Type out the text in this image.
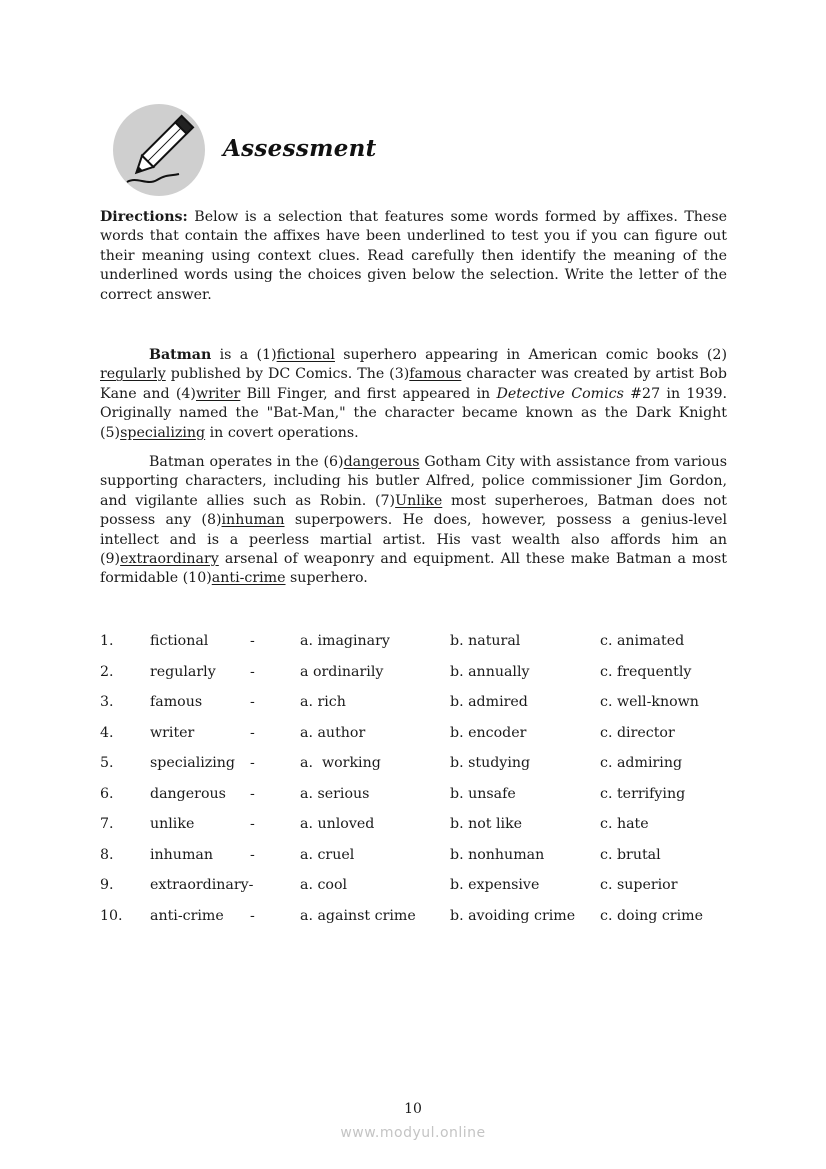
Assessment
Directions: Below is a selection that features some words formed by affixes. These words that contain the affixes have been underlined to test you if you can figure out their meaning using context clues. Read carefully then identify the meaning of the underlined words using the choices given below the selection. Write the letter of the correct answer.

Batman is a (1)fictional superhero appearing in American comic books (2) regularly published by DC Comics. The (3)famous character was created by artist Bob Kane and (4)writer Bill Finger, and first appeared in Detective Comics #27 in 1939. Originally named the "Bat-Man," the character became known as the Dark Knight (5)specializing in covert operations.

Batman operates in the (6)dangerous Gotham City with assistance from various supporting characters, including his butler Alfred, police commissioner Jim Gordon, and vigilante allies such as Robin. (7)Unlike most superheroes, Batman does not possess any (8)inhuman superpowers. He does, however, possess a genius-level intellect and is a peerless martial artist. His vast wealth also affords him an (9)extraordinary arsenal of weaponry and equipment. All these make Batman a most formidable (10)anti-crime superhero.

1.	fictional	-	a. imaginary	b. natural	c. animated
2.	regularly -	a ordinarily	b. annually	c. frequently
3.	famous	-	a. rich	b. admired	c. well-known
4.	writer	-	a. author	b. encoder	c. director
5.	specializing -	a.  working	b. studying	c. admiring
6.	dangerous -	a. serious	b. unsafe	c. terrifying
7.	unlike	-	a. unloved	b. not like	c. hate
8.	inhuman	-	a. cruel	b. nonhuman	c. brutal
9.	extraordinary-	a. cool	b. expensive	c. superior
10. anti-crime -	a. against crime b. avoiding crime c. doing crime
10
www.modyul.online
